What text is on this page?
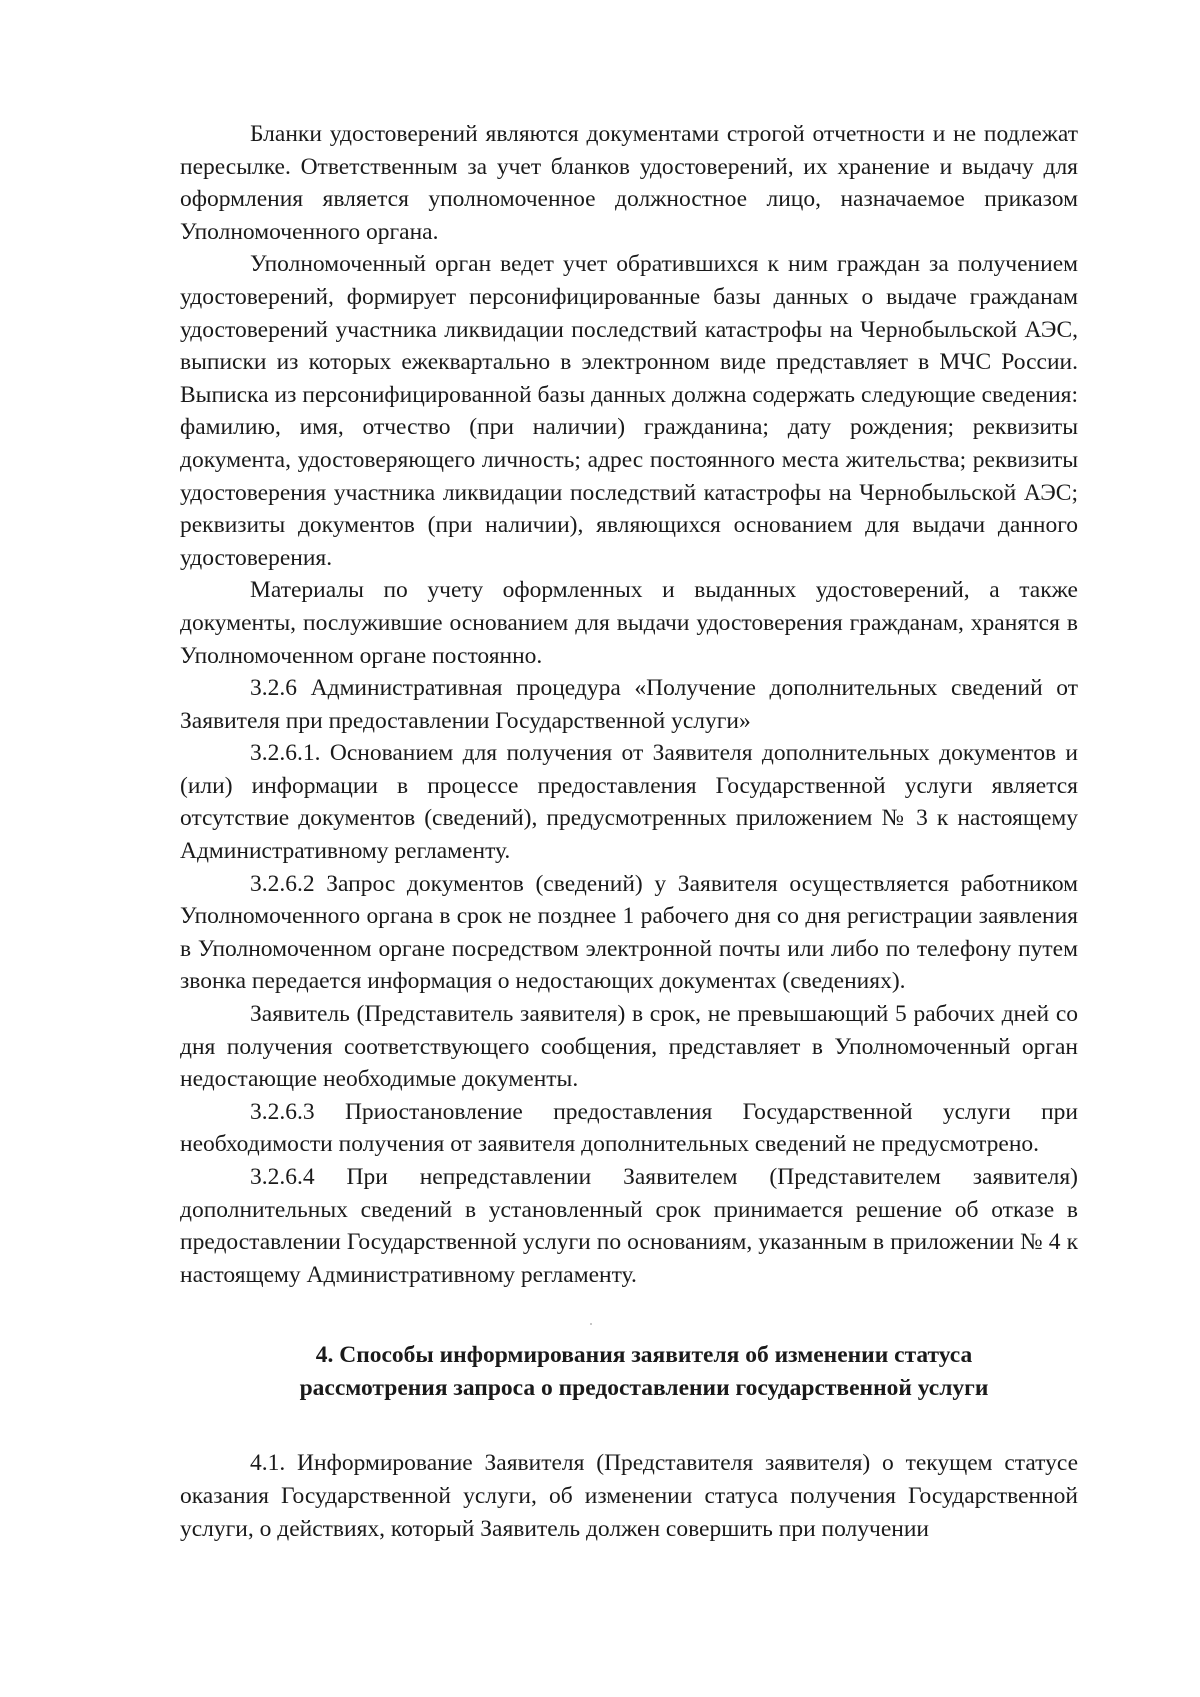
Бланки удостоверений являются документами строгой отчетности и не подлежат пересылке. Ответственным за учет бланков удостоверений, их хранение и выдачу для оформления является уполномоченное должностное лицо, назначаемое приказом Уполномоченного органа.

Уполномоченный орган ведет учет обратившихся к ним граждан за получением удостоверений, формирует персонифицированные базы данных о выдаче гражданам удостоверений участника ликвидации последствий катастрофы на Чернобыльской АЭС, выписки из которых ежеквартально в электронном виде представляет в МЧС России. Выписка из персонифицированной базы данных должна содержать следующие сведения: фамилию, имя, отчество (при наличии) гражданина; дату рождения; реквизиты документа, удостоверяющего личность; адрес постоянного места жительства; реквизиты удостоверения участника ликвидации последствий катастрофы на Чернобыльской АЭС; реквизиты документов (при наличии), являющихся основанием для выдачи данного удостоверения.

Материалы по учету оформленных и выданных удостоверений, а также документы, послужившие основанием для выдачи удостоверения гражданам, хранятся в Уполномоченном органе постоянно.

3.2.6 Административная процедура «Получение дополнительных сведений от Заявителя при предоставлении Государственной услуги»

3.2.6.1. Основанием для получения от Заявителя дополнительных документов и (или) информации в процессе предоставления Государственной услуги является отсутствие документов (сведений), предусмотренных приложением № 3 к настоящему Административному регламенту.

3.2.6.2 Запрос документов (сведений) у Заявителя осуществляется работником Уполномоченного органа в срок не позднее 1 рабочего дня со дня регистрации заявления в Уполномоченном органе посредством электронной почты или либо по телефону путем звонка передается информация о недостающих документах (сведениях).

Заявитель (Представитель заявителя) в срок, не превышающий 5 рабочих дней со дня получения соответствующего сообщения, представляет в Уполномоченный орган недостающие необходимые документы.

3.2.6.3 Приостановление предоставления Государственной услуги при необходимости получения от заявителя дополнительных сведений не предусмотрено.

3.2.6.4 При непредставлении Заявителем (Представителем заявителя) дополнительных сведений в установленный срок принимается решение об отказе в предоставлении Государственной услуги по основаниям, указанным в приложении № 4 к настоящему Административному регламенту.

4. Способы информирования заявителя об изменении статуса
рассмотрения запроса о предоставлении государственной услуги

4.1. Информирование Заявителя (Представителя заявителя) о текущем статусе оказания Государственной услуги, об изменении статуса получения Государственной услуги, о действиях, который Заявитель должен совершить при получении
